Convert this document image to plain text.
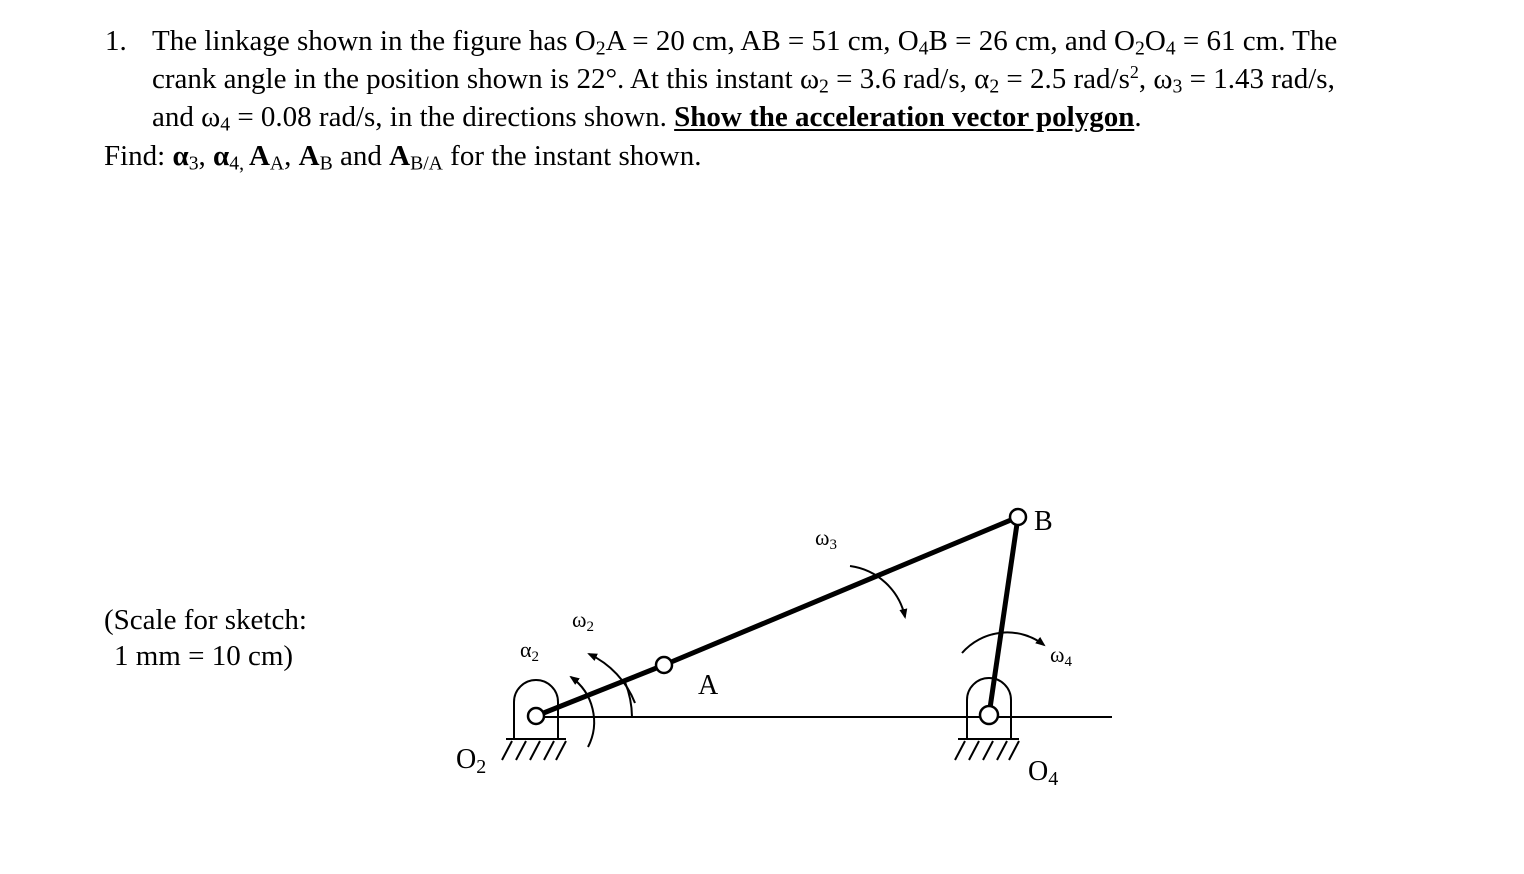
1. The linkage shown in the figure has $O_2A = 20$ cm, AB = 51 cm, $O_4B = 26$ cm, and $O_2O_4 = 61$ cm. The
crank angle in the position shown is 22°. At this instant $\omega_2 = 3.6$ rad/s, $\alpha_2 = 2.5$ rad/$s^2$, $\omega_3 = 1.43$ rad/s,
and $\omega_4 = 0.08$ rad/s, in the directions shown. Show the acceleration vector polygon.
Find: $\alpha_3$, $\alpha_{4,}$ $A_A$, $A_B$ and $A_{B/A}$ for the instant shown.
(Scale for sketch:
1 mm = 10 cm)
ω3
ω2
α2	ω4
A
B
O2	O4
